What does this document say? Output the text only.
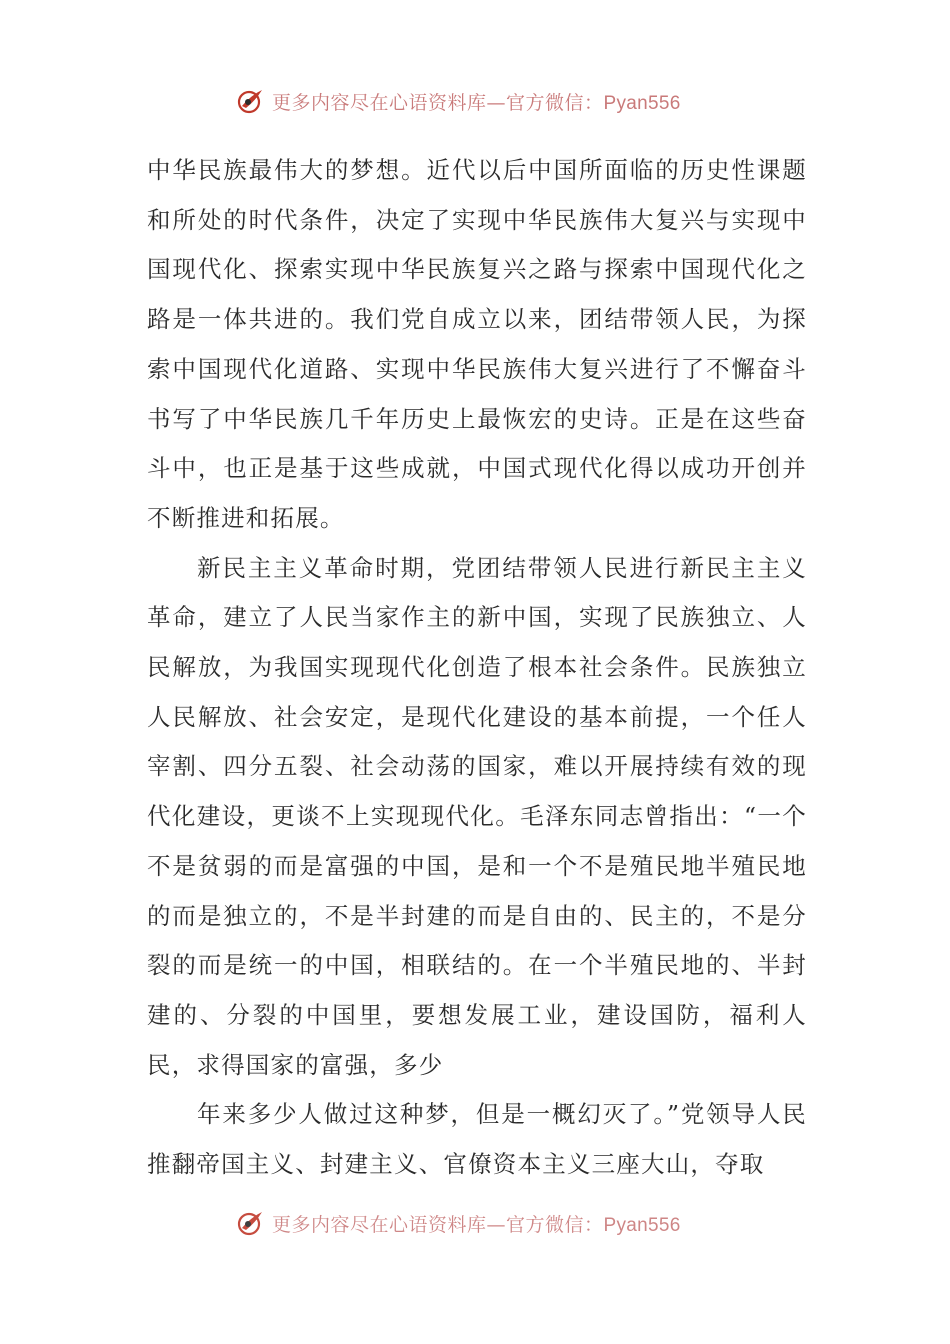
更多内容尽在心语资料库—官方微信：Pyan556

中华民族最伟大的梦想。近代以后中国所面临的历史性课题和所处的时代条件，决定了实现中华民族伟大复兴与实现中国现代化、探索实现中华民族复兴之路与探索中国现代化之路是一体共进的。我们党自成立以来，团结带领人民，为探索中国现代化道路、实现中华民族伟大复兴进行了不懈奋斗书写了中华民族几千年历史上最恢宏的史诗。正是在这些奋斗中，也正是基于这些成就，中国式现代化得以成功开创并不断推进和拓展。

新民主主义革命时期，党团结带领人民进行新民主主义革命，建立了人民当家作主的新中国，实现了民族独立、人民解放，为我国实现现代化创造了根本社会条件。民族独立人民解放、社会安定，是现代化建设的基本前提，一个任人宰割、四分五裂、社会动荡的国家，难以开展持续有效的现代化建设，更谈不上实现现代化。毛泽东同志曾指出：“一个不是贫弱的而是富强的中国，是和一个不是殖民地半殖民地的而是独立的，不是半封建的而是自由的、民主的，不是分裂的而是统一的中国，相联结的。在一个半殖民地的、半封建的、分裂的中国里，要想发展工业，建设国防，福利人民，求得国家的富强，多少

年来多少人做过这种梦，但是一概幻灭了。”党领导人民推翻帝国主义、封建主义、官僚资本主义三座大山，夺取

更多内容尽在心语资料库—官方微信：Pyan556
